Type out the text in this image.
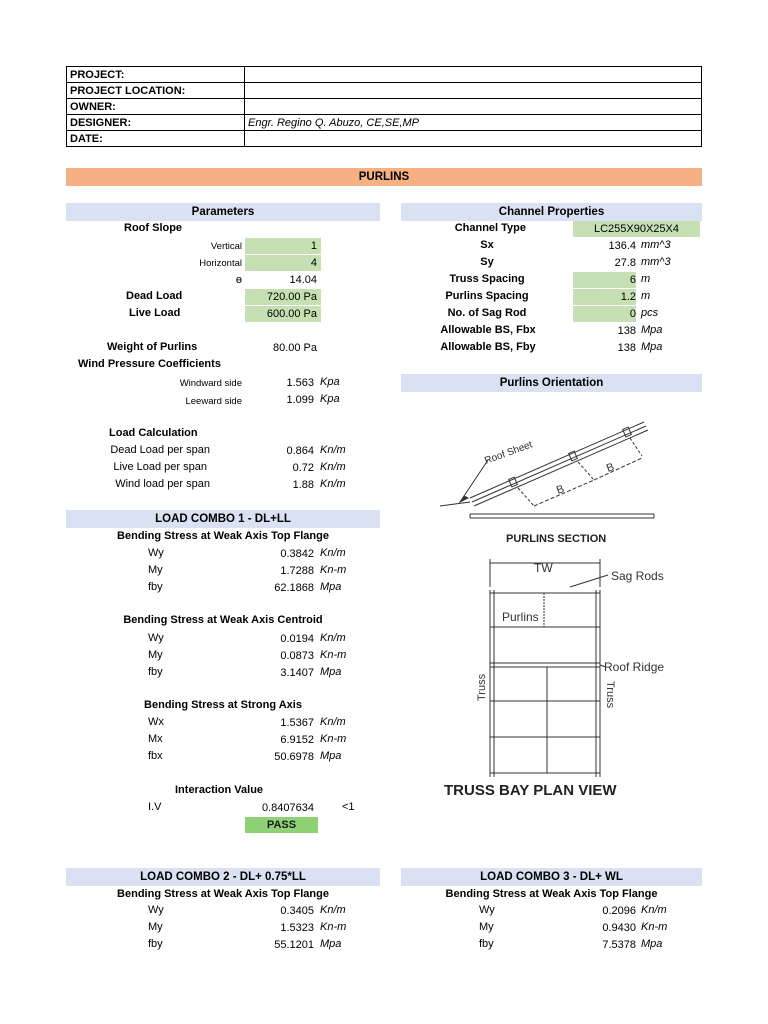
PROJECT:	
PROJECT LOCATION:	
OWNER:	
DESIGNER:	Engr. Regino Q. Abuzo, CE,SE,MP
DATE:	
PURLINS
Parameters	Channel Properties
Roof Slope
Vertical	1
Horizontal	4
ɵ	14.04
Dead Load	720.00 Pa
Live Load	600.00 Pa
Weight of Purlins	80.00 Pa
Wind Pressure Coefficients
Windward side	1.563 Kpa
Leeward side	1.099 Kpa
Load Calculation
Dead Load per span	0.864 Kn/m
Live Load per span	0.72 Kn/m
Wind load per span	1.88 Kn/m
Channel Type	LC255X90X25X4
Sx	136.4 mm^3
Sy	27.8 mm^3
Truss Spacing	6 m
Purlins Spacing	1.2 m
No. of Sag Rod	0 pcs
Allowable BS, Fbx	138 Mpa
Allowable BS, Fby	138 Mpa
Purlins Orientation
Roof Sheet
B
B
PURLINS SECTION
TW
Sag Rods
Purlins
Roof Ridge
Truss	Truss
TRUSS BAY PLAN VIEW
LOAD COMBO 1 - DL+LL
Bending Stress at Weak Axis Top Flange
Wy	0.3842 Kn/m
My	1.7288 Kn-m
fby	62.1868 Mpa
Bending Stress at Weak Axis Centroid
Wy	0.0194 Kn/m
My	0.0873 Kn-m
fby	3.1407 Mpa
Bending Stress at Strong Axis
Wx	1.5367 Kn/m
Mx	6.9152 Kn-m
fbx	50.6978 Mpa
Interaction Value
I.V	0.8407634	<1
PASS
LOAD COMBO 2 - DL+ 0.75*LL
Bending Stress at Weak Axis Top Flange
Wy	0.3405 Kn/m
My	1.5323 Kn-m
fby	55.1201 Mpa
LOAD COMBO 3 - DL+ WL
Bending Stress at Weak Axis Top Flange
Wy	0.2096 Kn/m
My	0.9430 Kn-m
fby	7.5378 Mpa
